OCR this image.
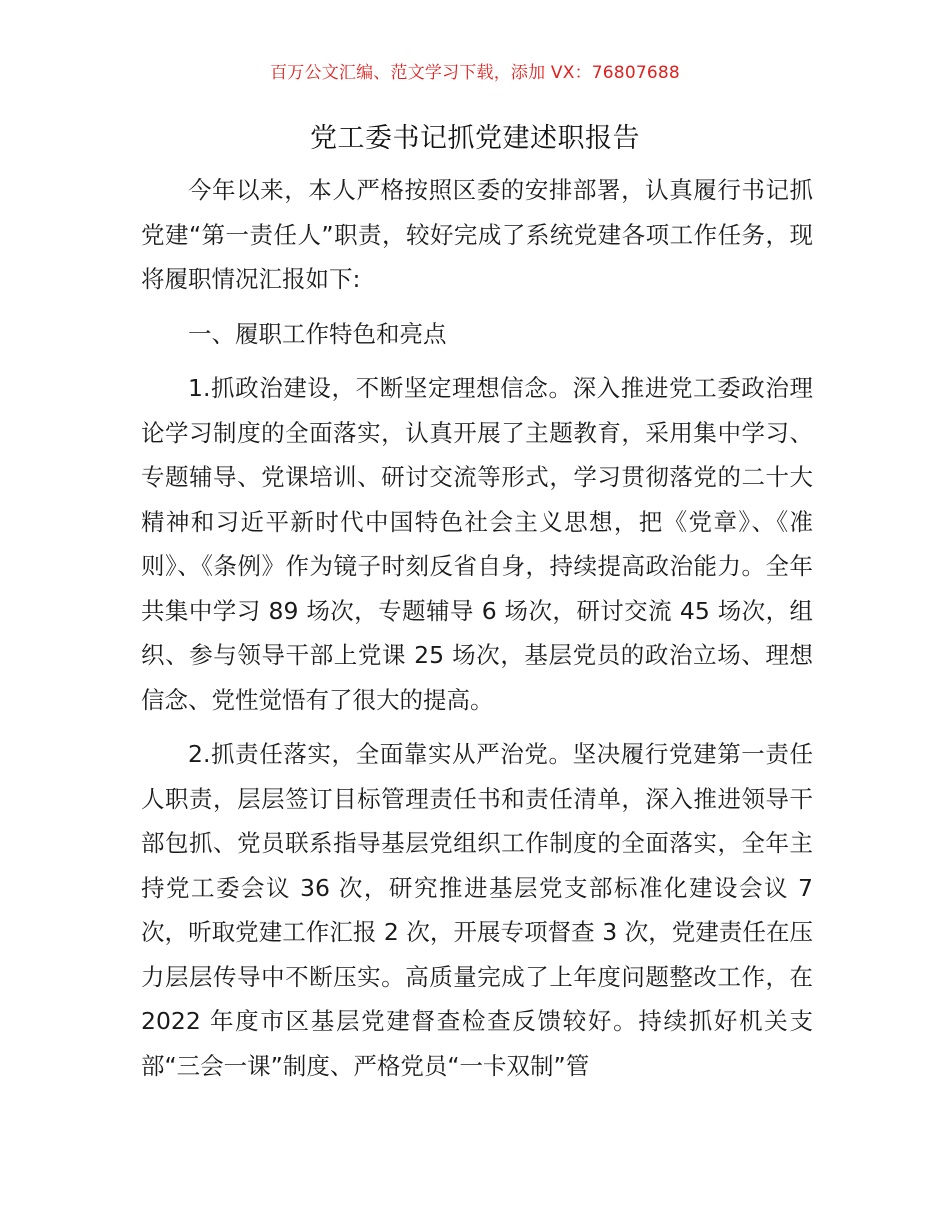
百万公文汇编、范文学习下载，添加 VX：76807688
党工委书记抓党建述职报告

今年以来，本人严格按照区委的安排部署，认真履行书记抓党建“第一责任人”职责，较好完成了系统党建各项工作任务，现将履职情况汇报如下:

一、履职工作特色和亮点

1.抓政治建设，不断坚定理想信念。深入推进党工委政治理论学习制度的全面落实，认真开展了主题教育，采用集中学习、专题辅导、党课培训、研讨交流等形式，学习贯彻落党的二十大精神和习近平新时代中国特色社会主义思想，把《党章》、《准则》、《条例》作为镜子时刻反省自身，持续提高政治能力。全年共集中学习 89 场次，专题辅导 6 场次，研讨交流 45 场次，组织、参与领导干部上党课 25 场次，基层党员的政治立场、理想信念、党性觉悟有了很大的提高。

2.抓责任落实，全面靠实从严治党。坚决履行党建第一责任人职责，层层签订目标管理责任书和责任清单，深入推进领导干部包抓、党员联系指导基层党组织工作制度的全面落实，全年主持党工委会议 36 次，研究推进基层党支部标准化建设会议 7 次，听取党建工作汇报 2 次，开展专项督查 3 次，党建责任在压力层层传导中不断压实。高质量完成了上年度问题整改工作，在 2022 年度市区基层党建督查检查反馈较好。持续抓好机关支部“三会一课”制度、严格党员“一卡双制”管
